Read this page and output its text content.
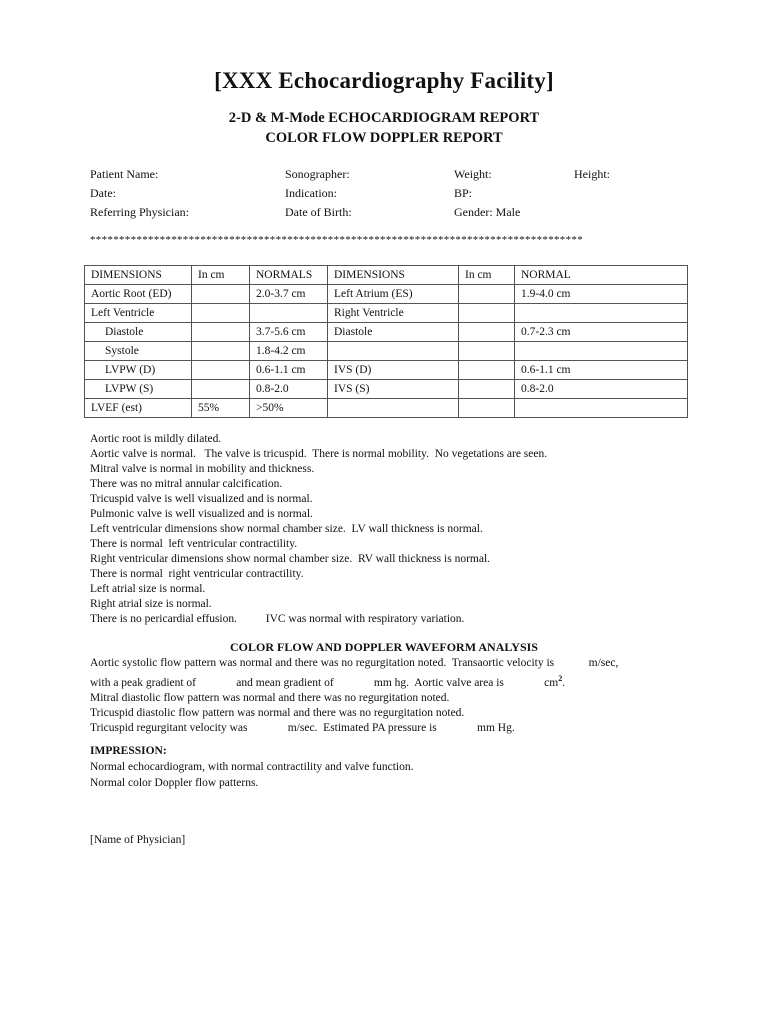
[XXX Echocardiography Facility]
2-D & M-Mode ECHOCARDIOGRAM REPORT
COLOR FLOW DOPPLER REPORT
Patient Name:	Sonographer:	Weight:	Height:
Date:	Indication:	BP:
Referring Physician:	Date of Birth:	Gender: Male
*************************************************************************************
DIMENSIONS	In cm	NORMALS	DIMENSIONS	In cm	NORMAL
Aortic Root (ED)		2.0-3.7 cm	Left Atrium (ES)		1.9-4.0 cm
Left Ventricle			Right Ventricle		
Diastole		3.7-5.6 cm	Diastole		0.7-2.3 cm
Systole		1.8-4.2 cm			
LVPW (D)		0.6-1.1 cm	IVS (D)		0.6-1.1 cm
LVPW (S)		0.8-2.0	IVS (S)		0.8-2.0
LVEF (est)	55%	>50%			
Aortic root is mildly dilated.
Aortic valve is normal.   The valve is tricuspid.  There is normal mobility.  No vegetations are seen.
Mitral valve is normal in mobility and thickness.
There was no mitral annular calcification.
Tricuspid valve is well visualized and is normal.
Pulmonic valve is well visualized and is normal.
Left ventricular dimensions show normal chamber size.  LV wall thickness is normal.
There is normal  left ventricular contractility.
Right ventricular dimensions show normal chamber size.  RV wall thickness is normal.
There is normal  right ventricular contractility.
Left atrial size is normal.
Right atrial size is normal.
There is no pericardial effusion.          IVC was normal with respiratory variation.
COLOR FLOW AND DOPPLER WAVEFORM ANALYSIS
Aortic systolic flow pattern was normal and there was no regurgitation noted.  Transaortic velocity is            m/sec,
with a peak gradient of              and mean gradient of              mm hg.  Aortic valve area is              $cm^2$.
Mitral diastolic flow pattern was normal and there was no regurgitation noted.
Tricuspid diastolic flow pattern was normal and there was no regurgitation noted.
Tricuspid regurgitant velocity was              m/sec.  Estimated PA pressure is              mm Hg.
IMPRESSION:
Normal echocardiogram, with normal contractility and valve function.
Normal color Doppler flow patterns.
[Name of Physician]
